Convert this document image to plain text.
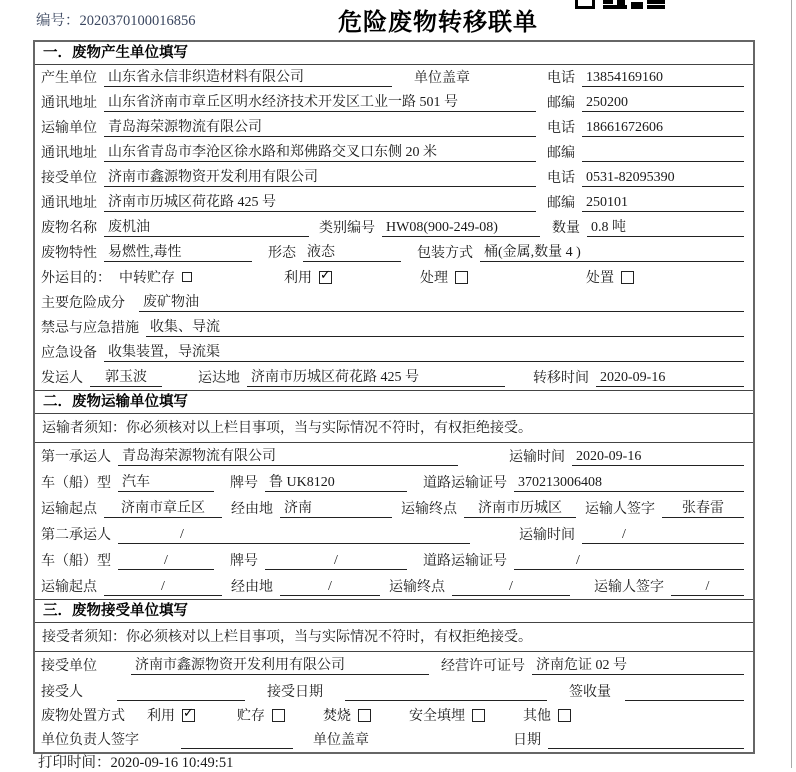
编号：2020370100016856	危险废物转移联单
一．废物产生单位填写
产生单位 山东省永信非织造材料有限公司	单位盖章	电话 13854169160
通讯地址 山东省济南市章丘区明水经济技术开发区工业一路 501 号	邮编 250200
运输单位 青岛海荣源物流有限公司	电话 18661672606
通讯地址 山东省青岛市李沧区徐水路和郑佛路交叉口东侧 20 米	邮编
接受单位 济南市鑫源物资开发利用有限公司	电话 0531-82095390
通讯地址 济南市历城区荷花路 425 号	邮编 250101
废物名称 废机油	类别编号 HW08(900-249-08)	数量 0.8 吨
废物特性 易燃性,毒性	形态 液态	包装方式 桶(金属,数量 4 )
外运目的： 中转贮存	利用 ✓	处理	处置
主要危险成分 废矿物油
禁忌与应急措施 收集、导流
应急设备 收集装置，导流渠
发运人	郭玉波	运达地 济南市历城区荷花路 425 号	转移时间 2020-09-16
二．废物运输单位填写
运输者须知：你必须核对以上栏目事项，当与实际情况不符时，有权拒绝接受。
第一承运人 青岛海荣源物流有限公司	运输时间 2020-09-16
车（船）型 汽车	牌号 鲁 UK8120	道路运输证号 370213006408
运输起点	济南市章丘区	经由地 济南	运输终点	济南市历城区	运输人签字	张春雷
第二承运人	/	运输时间	/
车（船）型	/	牌号	/	道路运输证号	/
运输起点	/	经由地	/	运输终点	/	运输人签字	/
三．废物接受单位填写
接受者须知：你必须核对以上栏目事项，当与实际情况不符时，有权拒绝接受。
接受单位	济南市鑫源物资开发利用有限公司	经营许可证号 济南危证 02 号
接受人	接受日期	签收量
废物处置方式 利用 ✓	贮存	焚烧	安全填埋	其他
单位负责人签字	单位盖章	日期
打印时间：2020-09-16 10:49:51
